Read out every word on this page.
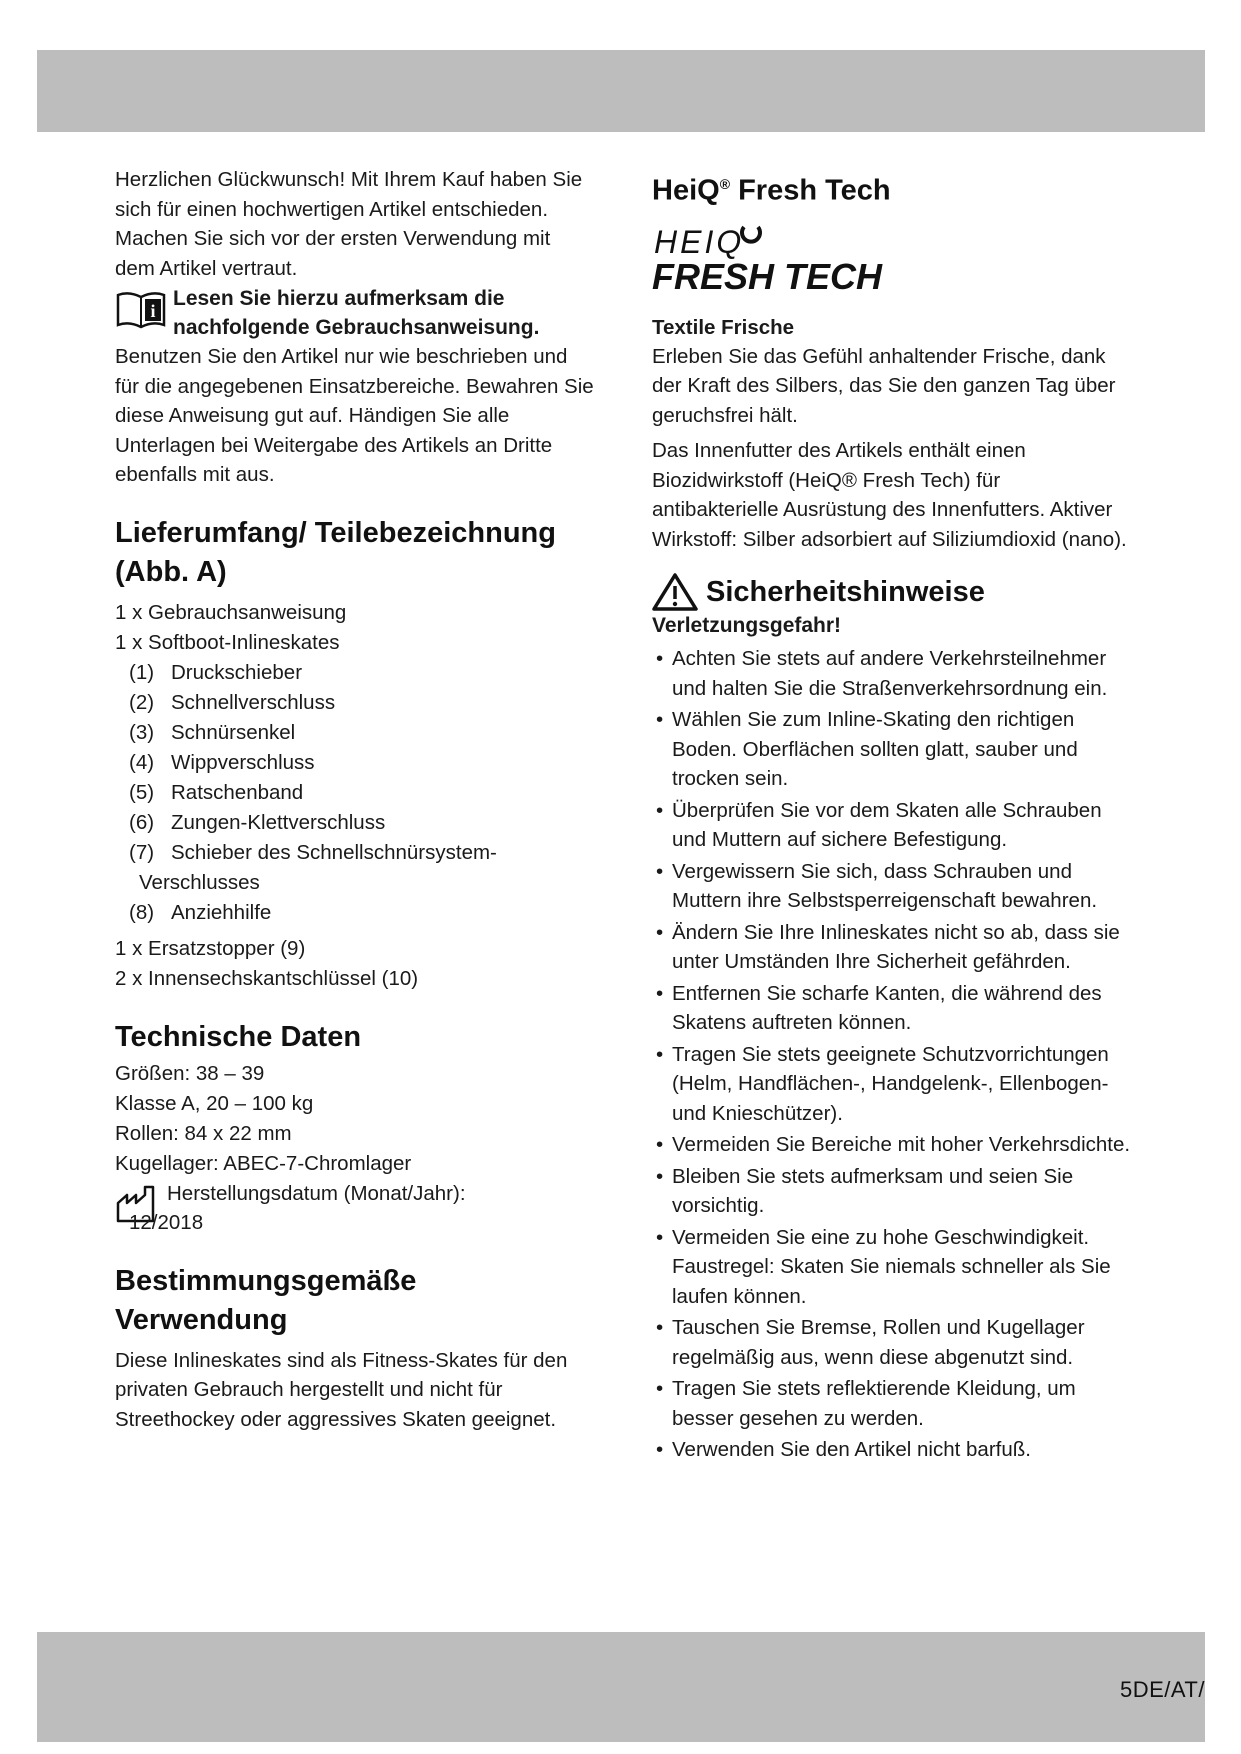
Herzlichen Glückwunsch! Mit Ihrem Kauf haben Sie sich für einen hochwertigen Artikel entschieden. Machen Sie sich vor der ersten Verwendung mit dem Artikel vertraut.

i
Lesen Sie hierzu aufmerksam die nachfolgende Gebrauchsanweisung.

Benutzen Sie den Artikel nur wie beschrieben und für die angegebenen Einsatzbereiche. Bewahren Sie diese Anweisung gut auf. Händigen Sie alle Unterlagen bei Weitergabe des Artikels an Dritte ebenfalls mit aus.

Lieferumfang/ Teilebezeichnung (Abb. A)
1 x Gebrauchsanweisung
1 x Softboot-Inlineskates
(1) Druckschieber
(2) Schnellverschluss
(3) Schnürsenkel
(4) Wippverschluss
(5) Ratschenband
(6) Zungen-Klettverschluss
(7) Schieber des Schnellschnürsystem-
Verschlusses
(8) Anziehhilfe
1 x Ersatzstopper (9)
2 x Innensechskantschlüssel (10)
Technische Daten
Größen: 38 – 39
Klasse A, 20 – 100 kg
Rollen: 84 x 22 mm
Kugellager: ABEC-7-Chromlager

Herstellungsdatum (Monat/Jahr):

12/2018

Bestimmungsgemäße Verwendung

Diese Inlineskates sind als Fitness-Skates für den privaten Gebrauch hergestellt und nicht für Streethockey oder aggressives Skaten geeignet.

HeiQ® Fresh Tech
HEIQ
FRESH TECH
Textile Frische

Erleben Sie das Gefühl anhaltender Frische, dank der Kraft des Silbers, das Sie den ganzen Tag über geruchsfrei hält.

Das Innenfutter des Artikels enthält einen Biozidwirkstoff (HeiQ® Fresh Tech) für antibakterielle Ausrüstung des Innenfutters. Aktiver Wirkstoff: Silber adsorbiert auf Siliziumdioxid (nano).

Sicherheitshinweise
Verletzungsgefahr!
• Achten Sie stets auf andere Verkehrsteilnehmer und halten Sie die Straßenverkehrsordnung ein.
• Wählen Sie zum Inline-Skating den richtigen Boden. Oberflächen sollten glatt, sauber und trocken sein.
• Überprüfen Sie vor dem Skaten alle Schrauben und Muttern auf sichere Befestigung.
• Vergewissern Sie sich, dass Schrauben und Muttern ihre Selbstsperreigenschaft bewahren.
• Ändern Sie Ihre Inlineskates nicht so ab, dass sie unter Umständen Ihre Sicherheit gefährden.
• Entfernen Sie scharfe Kanten, die während des Skatens auftreten können.
• Tragen Sie stets geeignete Schutzvorrichtungen (Helm, Handflächen-, Handgelenk-, Ellenbogen- und Knieschützer).
• Vermeiden Sie Bereiche mit hoher Verkehrsdichte.
• Bleiben Sie stets aufmerksam und seien Sie vorsichtig.
• Vermeiden Sie eine zu hohe Geschwindigkeit. Faustregel: Skaten Sie niemals schneller als Sie laufen können.
• Tauschen Sie Bremse, Rollen und Kugellager regelmäßig aus, wenn diese abgenutzt sind.
• Tragen Sie stets reflektierende Kleidung, um besser gesehen zu werden.
• Verwenden Sie den Artikel nicht barfuß.
5DE/AT/
